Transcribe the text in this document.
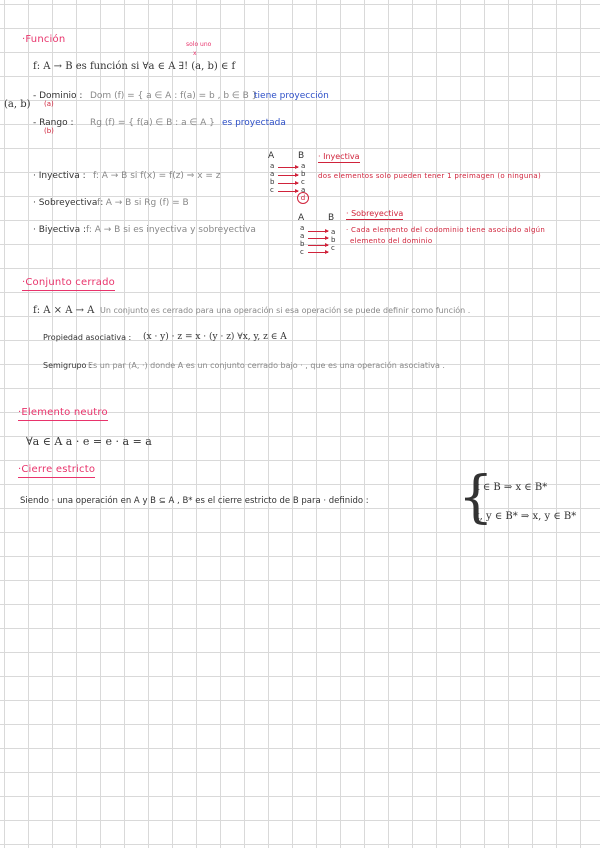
·Función	solo uno
x
f: A → B es función si ∀a ∈ A ∃! (a, b) ∈ f
(a, b)
- Dominio :
(a)
Dom (f) = { a ∈ A : f(a) = b , b ∈ B }
tiene proyección
- Rango :
(b)
Rg (f) = { f(a) ∈ B : a ∈ A } es proyectada
· Inyectiva : f: A → B si f(x) = f(z) ⇒ x = z
· Sobreyectiva :
f: A → B si Rg (f) = B
· Biyectiva : f: A → B si es inyectiva y sobreyectiva
A	B
a
a
b
c
a
b
c
a
d
· Inyectiva
dos elementos solo pueden tener 1 preimagen (o ninguna)
A	B
a
a
b
c
a
b
c
· Sobreyectiva
· Cada elemento del codominio tiene asociado algún
elemento del dominio
·Conjunto cerrado
f: A × A → A Un conjunto es cerrado para una operación si esa operación se puede definir como función .
Propiedad asociativa : (x · y) · z = x · (y · z) ∀x, y, z ∈ A
Semigrupo :
Es un par (A, ·) donde A es un conjunto cerrado bajo · , que es una operación asociativa .
·Elemento neutro
∀a ∈ A a · e = e · a = a
·Cierre estricto
Siendo · una operación en A y B ⊆ A , B* es el cierre estricto de B para · definido : {
x ∈ B ⇒ x ∈ B*
x, y ∈ B* ⇒ x, y ∈ B*
